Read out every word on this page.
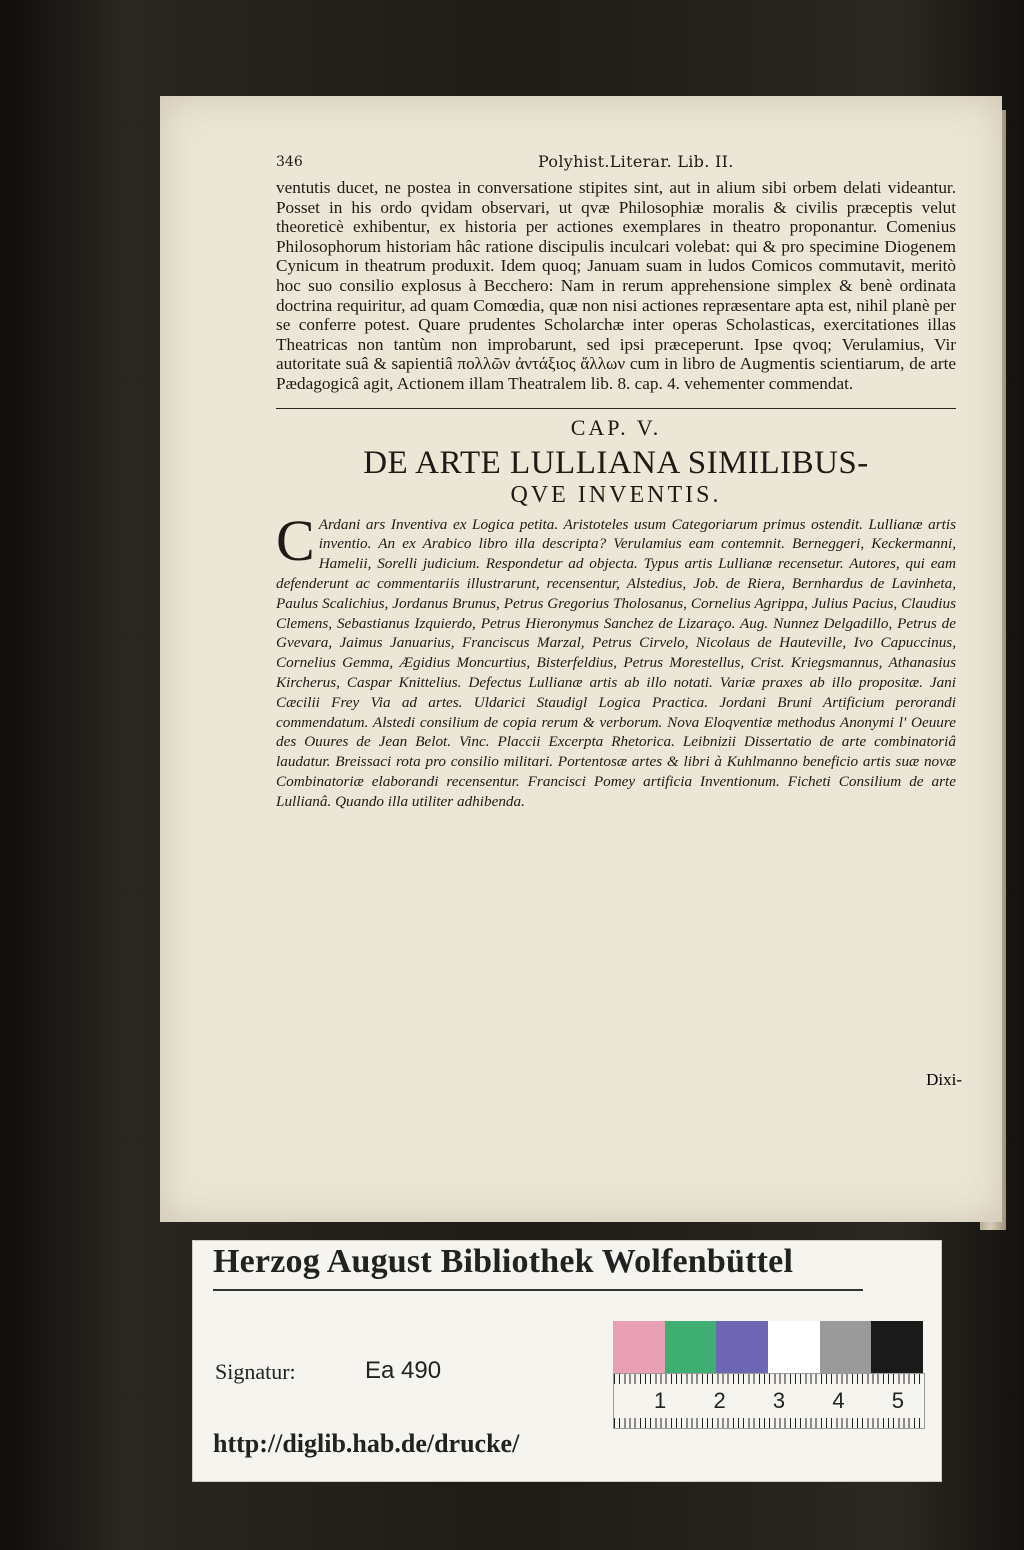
346	Polyhist.Literar. Lib. II.

ventutis ducet, ne postea in conversatione stipites sint, aut in alium sibi orbem delati videantur. Posset in his ordo qvidam observari, ut qvæ Philosophiæ moralis & civilis præceptis velut theoreticè exhibentur, ex historia per actiones exemplares in theatro proponantur. Comenius Philosophorum historiam hâc ratione discipulis inculcari volebat: qui & pro specimine Diogenem Cynicum in theatrum produxit. Idem quoq; Januam suam in ludos Comicos commutavit, meritò hoc suo consilio explosus à Becchero: Nam in rerum apprehensione simplex & benè ordinata doctrina requiritur, ad quam Comœdia, quæ non nisi actiones repræsentare apta est, nihil planè per se conferre potest. Quare prudentes Scholarchæ inter operas Scholasticas, exercitationes illas Theatricas non tantùm non improbarunt, sed ipsi præceperunt. Ipse qvoq; Verulamius, Vir autoritate suâ & sapientiâ πολλῶν ἀντάξιος ἄλλων cum in libro de Augmentis scientiarum, de arte Pædagogicâ agit, Actionem illam Theatralem lib. 8. cap. 4. vehementer commendat.

CAP. V.
DE ARTE LULLIANA SIMILIBUS-
QVE INVENTIS.

C Ardani ars Inventiva ex Logica petita. Aristoteles usum Categoriarum primus ostendit. Lullianæ artis inventio. An ex Arabico libro illa descripta? Verulamius eam contemnit. Berneggeri, Keckermanni, Hamelii, Sorelli judicium. Respondetur ad objecta. Typus artis Lullianæ recensetur. Autores, qui eam defenderunt ac commentariis illustrarunt, recensentur, Alstedius, Job. de Riera, Bernhardus de Lavinheta, Paulus Scalichius, Jordanus Brunus, Petrus Gregorius Tholosanus, Cornelius Agrippa, Julius Pacius, Claudius Clemens, Sebastianus Izquierdo, Petrus Hieronymus Sanchez de Lizaraço. Aug. Nunnez Delgadillo, Petrus de Gvevara, Jaimus Januarius, Franciscus Marzal, Petrus Cirvelo, Nicolaus de Hauteville, Ivo Capuccinus, Cornelius Gemma, Ægidius Moncurtius, Bisterfeldius, Petrus Morestellus, Crist. Kriegsmannus, Athanasius Kircherus, Caspar Knittelius. Defectus Lullianæ artis ab illo notati. Variæ praxes ab illo propositæ. Jani Cæcilii Frey Via ad artes. Uldarici Staudigl Logica Practica. Jordani Bruni Artificium perorandi commendatum. Alstedi consilium de copia rerum & verborum. Nova Eloqventiæ methodus Anonymi l' Oeuure des Ouures de Jean Belot. Vinc. Placcii Excerpta Rhetorica. Leibnizii Dissertatio de arte combinatoriâ laudatur. Breissaci rota pro consilio militari. Portentosæ artes & libri à Kuhlmanno beneficio artis suæ novæ Combinatoriæ elaborandi recensentur. Francisci Pomey artificia Inventionum. Ficheti Consilium de arte Lullianâ. Quando illa utiliter adhibenda.

Dixi-
Herzog August Bibliothek Wolfenbüttel
Signatur:	Ea 490
http://diglib.hab.de/drucke/
1 2 3 4 5
